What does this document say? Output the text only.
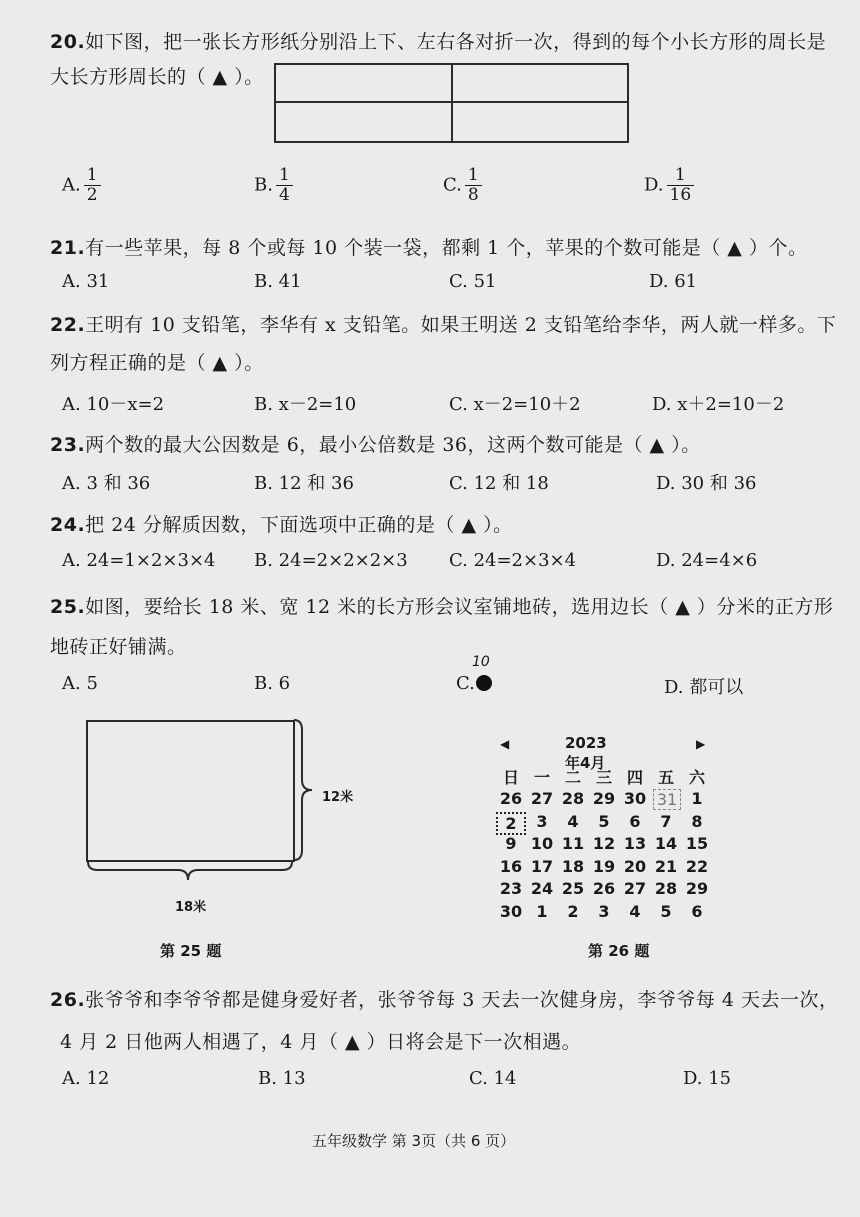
20.如下图，把一张长方形纸分别沿上下、左右各对折一次，得到的每个小长方形的周长是
大长方形周长的（ ▲ ）。
A. $\frac{1}{2}$	B. $\frac{1}{4}$	C. $\frac{1}{8}$	D. $\frac{1}{16}$
21.有一些苹果，每 8 个或每 10 个装一袋，都剩 1 个，苹果的个数可能是（ ▲ ）个。
A. 31	B. 41	C. 51	D. 61
22.王明有 10 支铅笔，李华有 x 支铅笔。如果王明送 2 支铅笔给李华，两人就一样多。下
列方程正确的是（ ▲ ）。
A. 10－x=2	B. x－2=10	C. x－2=10＋2	D. x＋2=10－2
23.两个数的最大公因数是 6，最小公倍数是 36，这两个数可能是（ ▲ ）。
A. 3 和 36	B. 12 和 36	C. 12 和 18	D. 30 和 36
24.把 24 分解质因数，下面选项中正确的是（ ▲ ）。
A. 24=1×2×3×4 B. 24=2×2×2×3 C. 24=2×3×4	D. 24=4×6
25.如图，要给长 18 米、宽 12 米的长方形会议室铺地砖，选用边长（ ▲ ）分米的正方形
地砖正好铺满。
A. 5	B. 6	C.
10
D. 都可以
12米
18米
第 25 题
◀	2023年4月
▶
日 一 二 三 四 五 六
26 27 28 29 30 31 1
2	3	4	5	6	7	8
9 10 11 12 13 14 15
16 17 18 19 20 21 22
23 24 25 26 27 28 29
30 1	2	3	4	5	6
第 26 题
26.张爷爷和李爷爷都是健身爱好者，张爷爷每 3 天去一次健身房，李爷爷每 4 天去一次，
4 月 2 日他两人相遇了，4 月（ ▲ ）日将会是下一次相遇。
A. 12	B. 13	C. 14	D. 15
五年级数学 第 3页（共 6 页）
